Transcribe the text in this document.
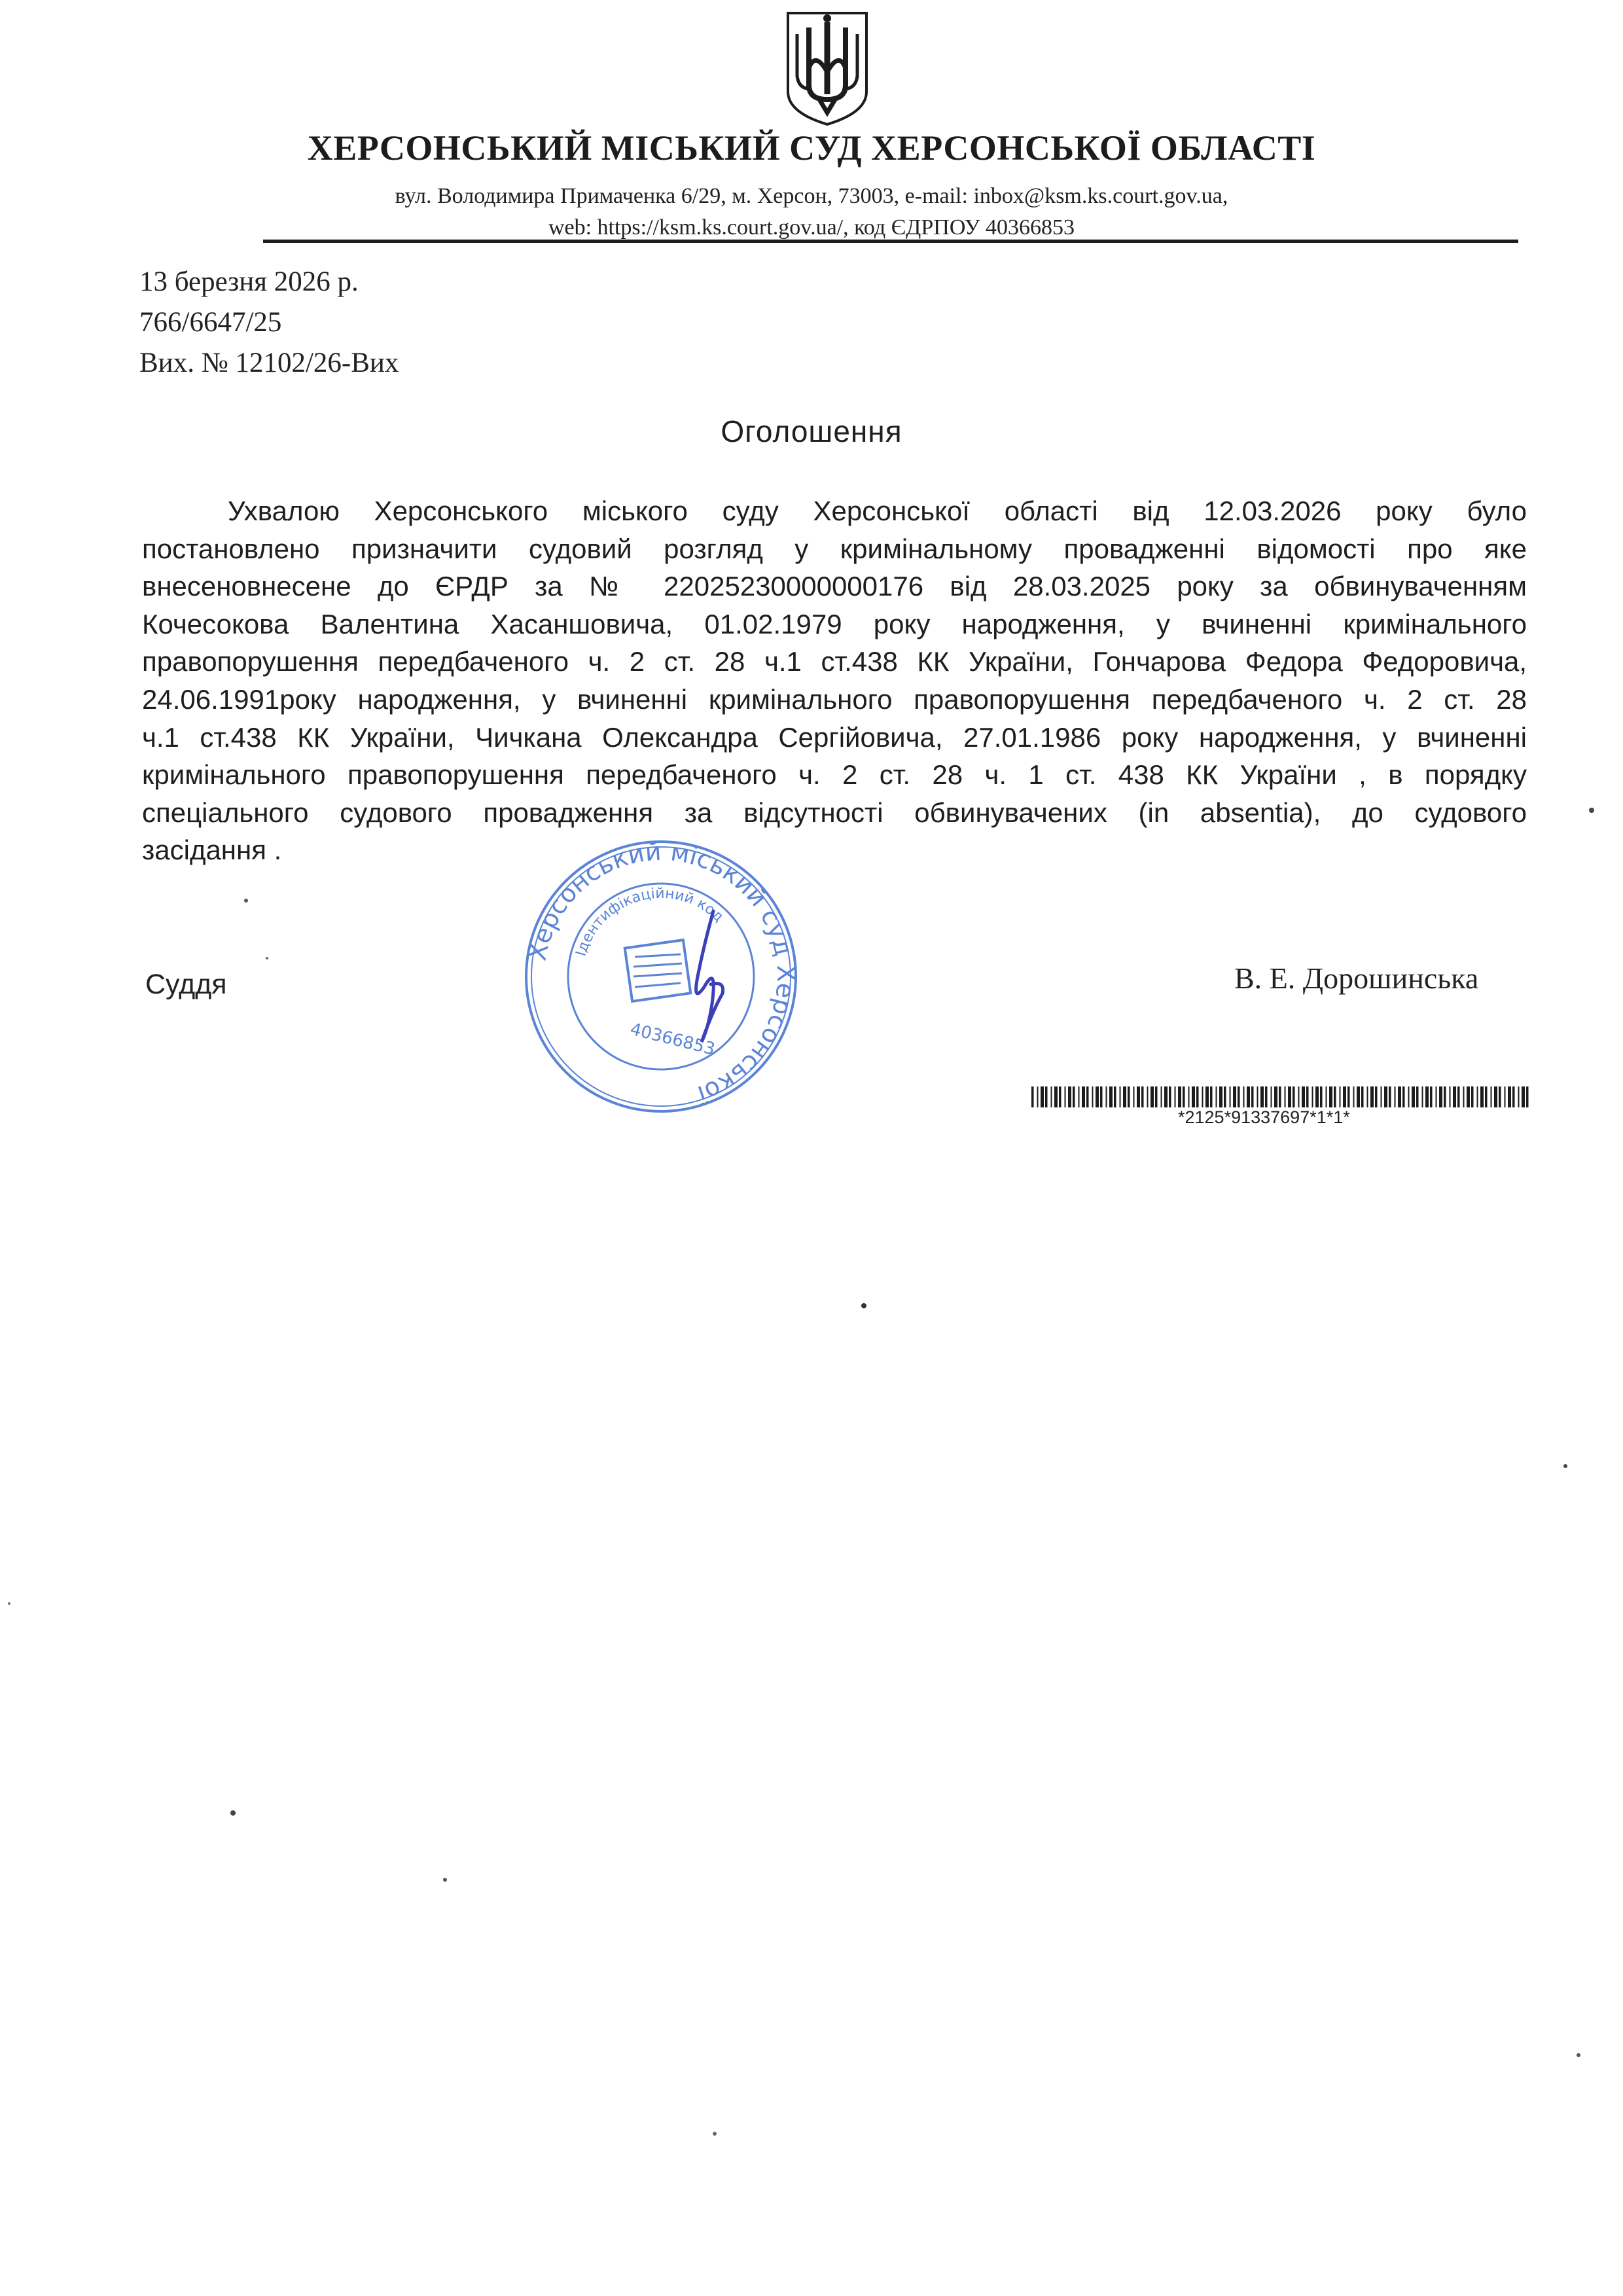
ХЕРСОНСЬКИЙ МІСЬКИЙ СУД ХЕРСОНСЬКОЇ ОБЛАСТІ
вул. Володимира Примаченка 6/29, м. Херсон, 73003, e-mail: inbox@ksm.ks.court.gov.ua,
web: https://ksm.ks.court.gov.ua/, код ЄДРПОУ 40366853
13 березня 2026 р.
766/6647/25
Вих. № 12102/26-Вих
Оголошення
Ухвалою Херсонського міського суду Херсонської області від 12.03.2026 року було
постановлено призначити судовий розгляд у кримінальному провадженні відомості про яке
внесеновнесене до ЄРДР за № 22025230000000176 від 28.03.2025 року за обвинуваченням
Кочесокова Валентина Хасаншовича, 01.02.1979 року народження, у вчиненні кримінального
правопорушення передбаченого ч. 2 ст. 28 ч.1 ст.438 КК України, Гончарова Федора Федоровича,
24.06.1991року народження, у вчиненні кримінального правопорушення передбаченого ч. 2 ст. 28
ч.1 ст.438 КК України, Чичкана Олександра Сергійовича, 27.01.1986 року народження, у вчиненні
кримінального правопорушення передбаченого ч. 2 ст. 28 ч. 1 ст. 438 КК України , в порядку
спеціального судового провадження за відсутності обвинувачених (in absentia), до судового
засідання .
Херсонський міський суд Херсонської
Ідентифікаційний код
40366853
Суддя	В. Е. Дорошинська
*2125*91337697*1*1*
